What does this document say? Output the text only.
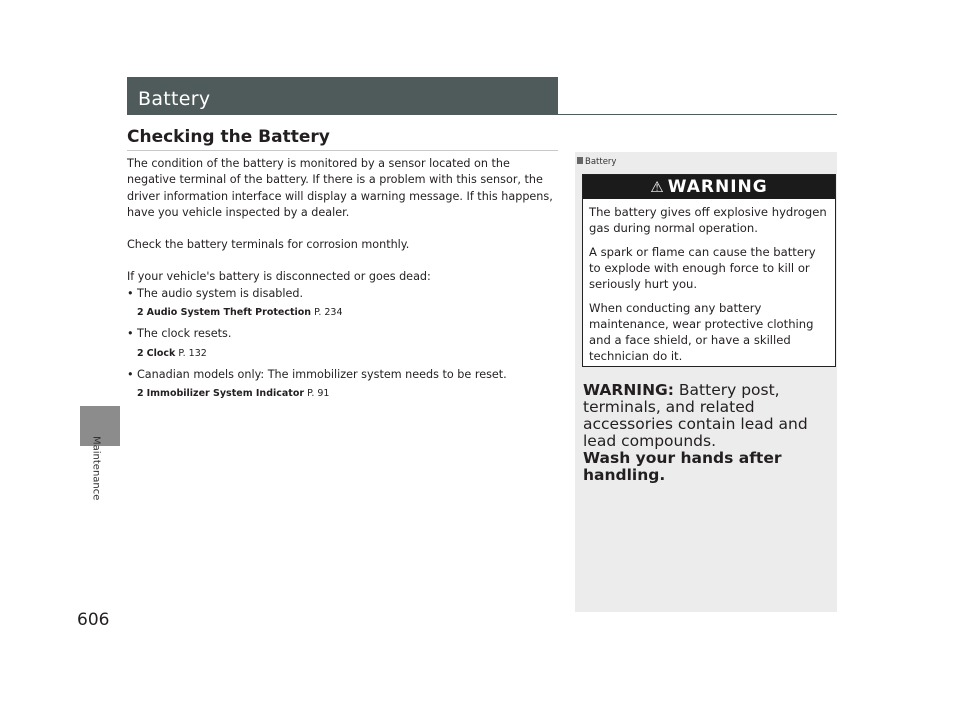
Maintenance
606
Battery
Checking the Battery

The condition of the battery is monitored by a sensor located on the negative terminal of the battery. If there is a problem with this sensor, the driver information interface will display a warning message. If this happens, have you vehicle inspected by a dealer.

Check the battery terminals for corrosion monthly.

If your vehicle's battery is disconnected or goes dead:

• The audio system is disabled.
2 Audio System Theft Protection P. 234
• The clock resets.
2 Clock P. 132
• Canadian models only: The immobilizer system needs to be reset.
2 Immobilizer System Indicator P. 91
Battery
⚠ WARNING

The battery gives off explosive hydrogen gas during normal operation.

A spark or flame can cause the battery to explode with enough force to kill or seriously hurt you.

When conducting any battery maintenance, wear protective clothing and a face shield, or have a skilled technician do it.

WARNING: Battery post, terminals, and related accessories contain lead and lead compounds.
Wash your hands after handling.
